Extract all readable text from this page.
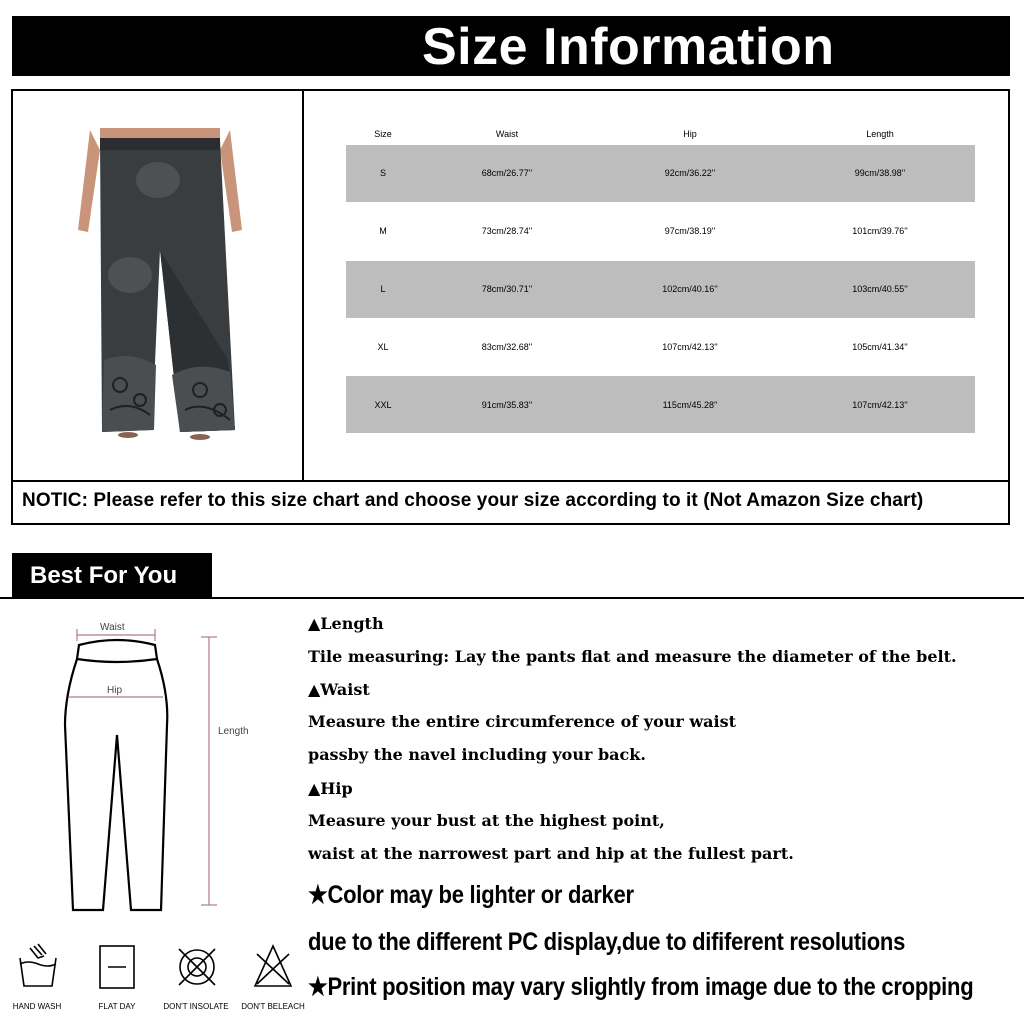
Size Information
Size	Waist	Hip	Length
S	68cm/26.77''	92cm/36.22''	99cm/38.98''
M	73cm/28.74''	97cm/38.19''	101cm/39.76''
L	78cm/30.71''	102cm/40.16''	103cm/40.55''
XL	83cm/32.68''	107cm/42.13''	105cm/41.34''
XXL	91cm/35.83''	115cm/45.28''	107cm/42.13''
NOTIC: Please refer to this size chart and choose your size according to it (Not Amazon Size chart)
Best For You
Waist
Hip
Length
▲Length
Tile measuring: Lay the pants flat and measure the diameter of the belt.
▲Waist
Measure the entire circumference of your waist
passby the navel including your back.
▲Hip
Measure your bust at the highest point,
waist at the narrowest part and hip at the fullest part.
★Color may be lighter or darker
due to the different PC display,due to dififerent resolutions
★Print position may vary slightly from image due to the cropping
HAND WASH	FLAT DAY	DON'T INSOLATE	DON'T BELEACH
